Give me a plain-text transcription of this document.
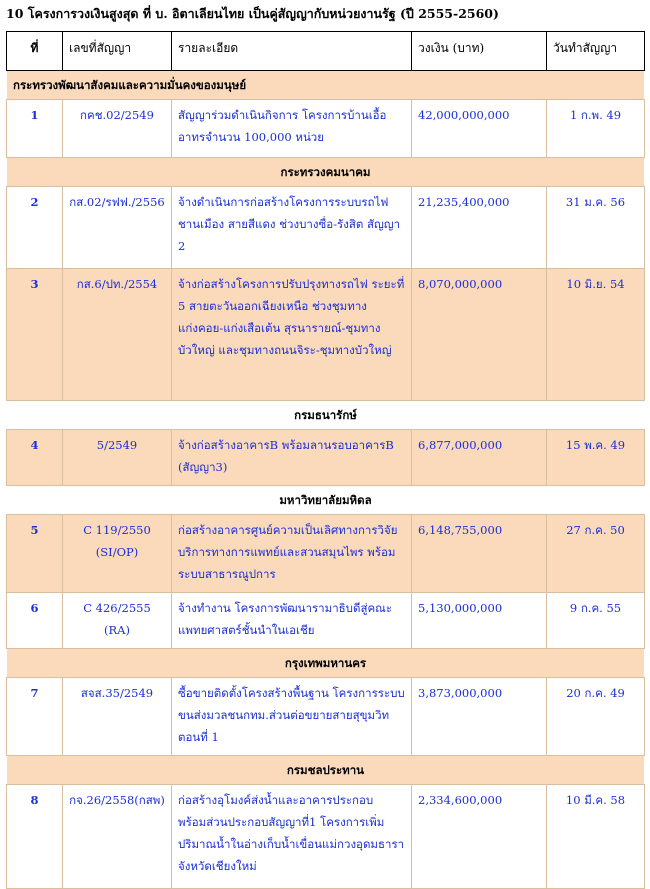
10 โครงการวงเงินสูงสุด ที่ บ. อิตาเลียนไทย เป็นคู่สัญญากับหน่วยงานรัฐ (ปี 2555-2560)
ที่	เลขที่สัญญา	รายละเอียด	วงเงิน (บาท)	วันทำสัญญา
กระทรวงพัฒนาสังคมและความมั่นคงของมนุษย์				
1	กคช.02/2549	สัญญาร่วมดำเนินกิจการ โครงการบ้านเอื้ออาทรจำนวน 100,000 หน่วย	42,000,000,000	1 ก.พ. 49
กระทรวงคมนาคม				
2	กส.02/รฟฟ./2556	จ้างดำเนินการก่อสร้างโครงการระบบรถไฟชานเมือง สายสีแดง ช่วงบางซื่อ-รังสิต สัญญา 2	21,235,400,000	31 ม.ค. 56
3	กส.6/ปท./2554	จ้างก่อสร้างโครงการปรับปรุงทางรถไฟ ระยะที่ 5 สายตะวันออกเฉียงเหนือ ช่วงชุมทางแก่งคอย-แก่งเสือเต้น สุรนารายณ์-ชุมทางบัวใหญ่ และชุมทางถนนจิระ-ชุมทางบัวใหญ่	8,070,000,000	10 มิ.ย. 54
กรมธนารักษ์				
4	5/2549	จ้างก่อสร้างอาคารB พร้อมลานรอบอาคารB (สัญญา3)	6,877,000,000	15 พ.ค. 49
มหาวิทยาลัยมหิดล				
5	C 119/2550 (SI/OP)	ก่อสร้างอาคารศูนย์ความเป็นเลิศทางการวิจัยบริการทางการแพทย์และสวนสมุนไพร พร้อมระบบสาธารณูปการ	6,148,755,000	27 ก.ค. 50
6	C 426/2555 (RA)	จ้างทำงาน โครงการพัฒนารามาธิบดีสู่คณะแพทยศาสตร์ชั้นนำในเอเชีย	5,130,000,000	9 ก.ค. 55
กรุงเทพมหานคร				
7	สจส.35/2549	ซื้อขายติดตั้งโครงสร้างพื้นฐาน โครงการระบบขนส่งมวลชนกทม.ส่วนต่อขยายสายสุขุมวิท ตอนที่ 1	3,873,000,000	20 ก.ค. 49
กรมชลประทาน				
8	กจ.26/2558(กสพ)	ก่อสร้างอุโมงค์ส่งน้ำและอาคารประกอบ พร้อมส่วนประกอบสัญญาที่1 โครงการเพิ่มปริมาณน้ำในอ่างเก็บน้ำเขื่อนแม่กวงอุดมธารา จังหวัดเชียงใหม่	2,334,600,000	10 มี.ค. 58
